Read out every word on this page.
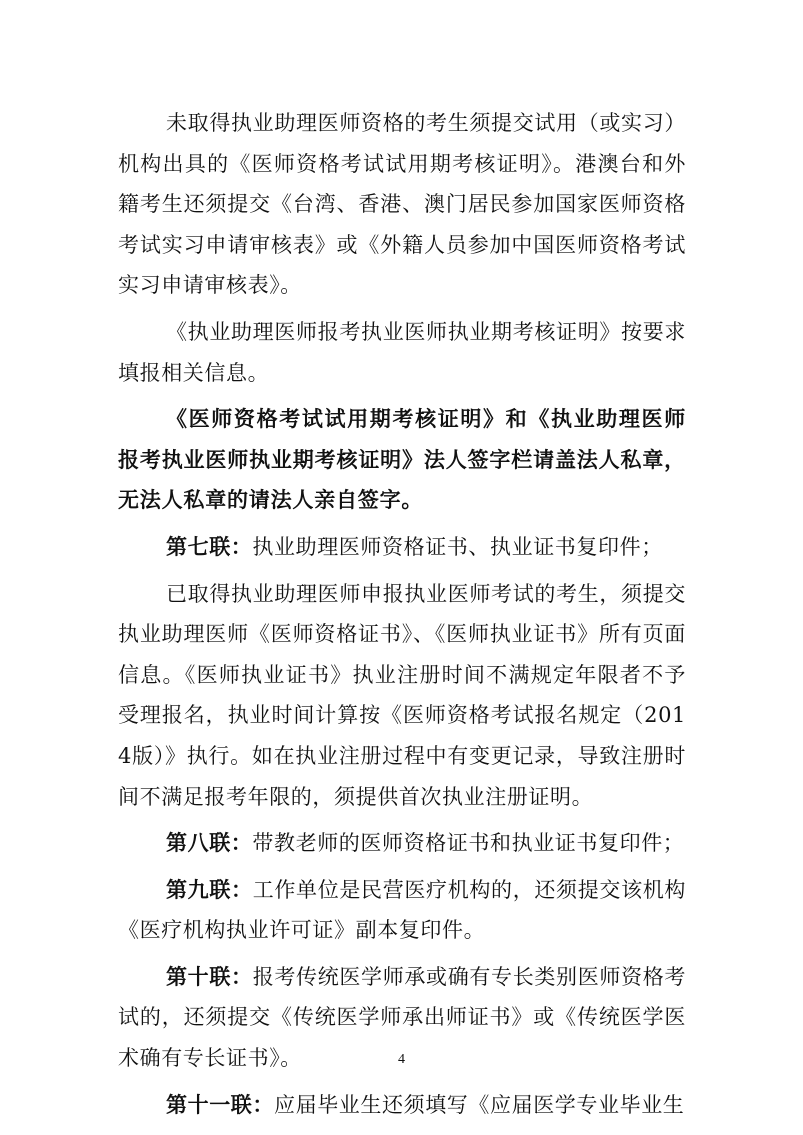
未取得执业助理医师资格的考生须提交试用（或实习）机构出具的《医师资格考试试用期考核证明》。港澳台和外籍考生还须提交《台湾、香港、澳门居民参加国家医师资格考试实习申请审核表》或《外籍人员参加中国医师资格考试实习申请审核表》。

《执业助理医师报考执业医师执业期考核证明》按要求填报相关信息。

《医师资格考试试用期考核证明》和《执业助理医师报考执业医师执业期考核证明》法人签字栏请盖法人私章，无法人私章的请法人亲自签字。

第七联：执业助理医师资格证书、执业证书复印件；

已取得执业助理医师申报执业医师考试的考生，须提交执业助理医师《医师资格证书》、《医师执业证书》所有页面信息。《医师执业证书》执业注册时间不满规定年限者不予受理报名，执业时间计算按《医师资格考试报名规定（2014版）》执行。如在执业注册过程中有变更记录，导致注册时间不满足报考年限的，须提供首次执业注册证明。

第八联：带教老师的医师资格证书和执业证书复印件；

第九联：工作单位是民营医疗机构的，还须提交该机构《医疗机构执业许可证》副本复印件。

第十联：报考传统医学师承或确有专长类别医师资格考试的，还须提交《传统医学师承出师证书》或《传统医学医术确有专长证书》。

第十一联：应届毕业生还须填写《应届医学专业毕业生

4
